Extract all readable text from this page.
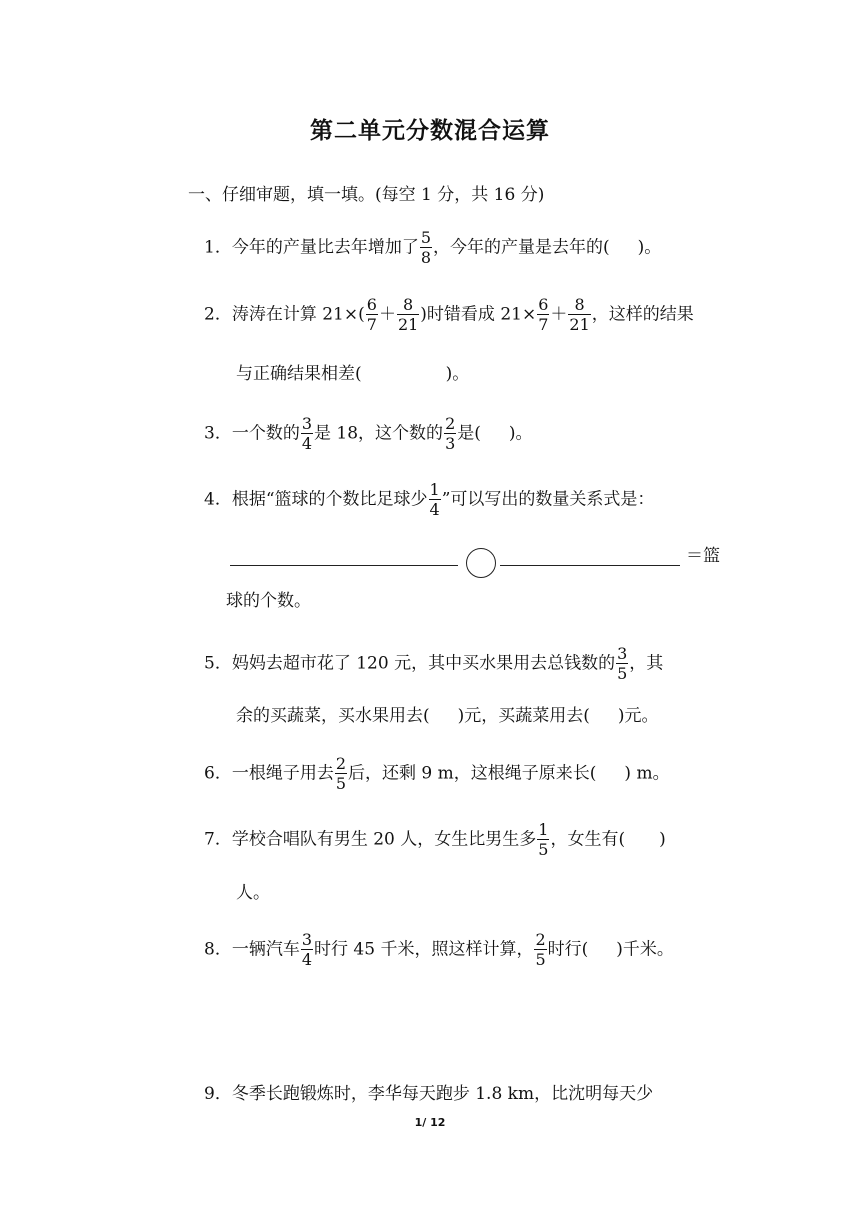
第二单元分数混合运算
一、仔细审题，填一填。(每空 1 分，共 16 分)
1．今年的产量比去年增加了 $\frac{5}{8}$ ，今年的产量是去年的( )。
2．涛涛在计算 $21\times( \frac{6}{7} + \frac{8}{21}$ )时错看成 $21\times \frac{6}{7} + \frac{8}{21}$ ，这样的结果
与正确结果相差(	)。
3．一个数的 $\frac{3}{4}$ 是 18，这个数的 $\frac{2}{3}$ 是( )。
4．根据“篮球的个数比足球少 $\frac{1}{4}$ ”可以写出的数量关系式是：
＝篮
球的个数。
5．妈妈去超市花了 120 元，其中买水果用去总钱数的 $\frac{3}{5}$ ，其
余的买蔬菜，买水果用去( )元，买蔬菜用去( )元。
6．一根绳子用去 $\frac{2}{5}$ 后，还剩 9 m，这根绳子原来长( ) m。
7．学校合唱队有男生 20 人，女生比男生多 $\frac{1}{5}$ ，女生有( )
人。
8．一辆汽车 $\frac{3}{4}$ 时行 45 千米，照这样计算， $\frac{2}{5}$ 时行( )千米。
9．冬季长跑锻炼时，李华每天跑步 1.8 km，比沈明每天少
1/ 12
